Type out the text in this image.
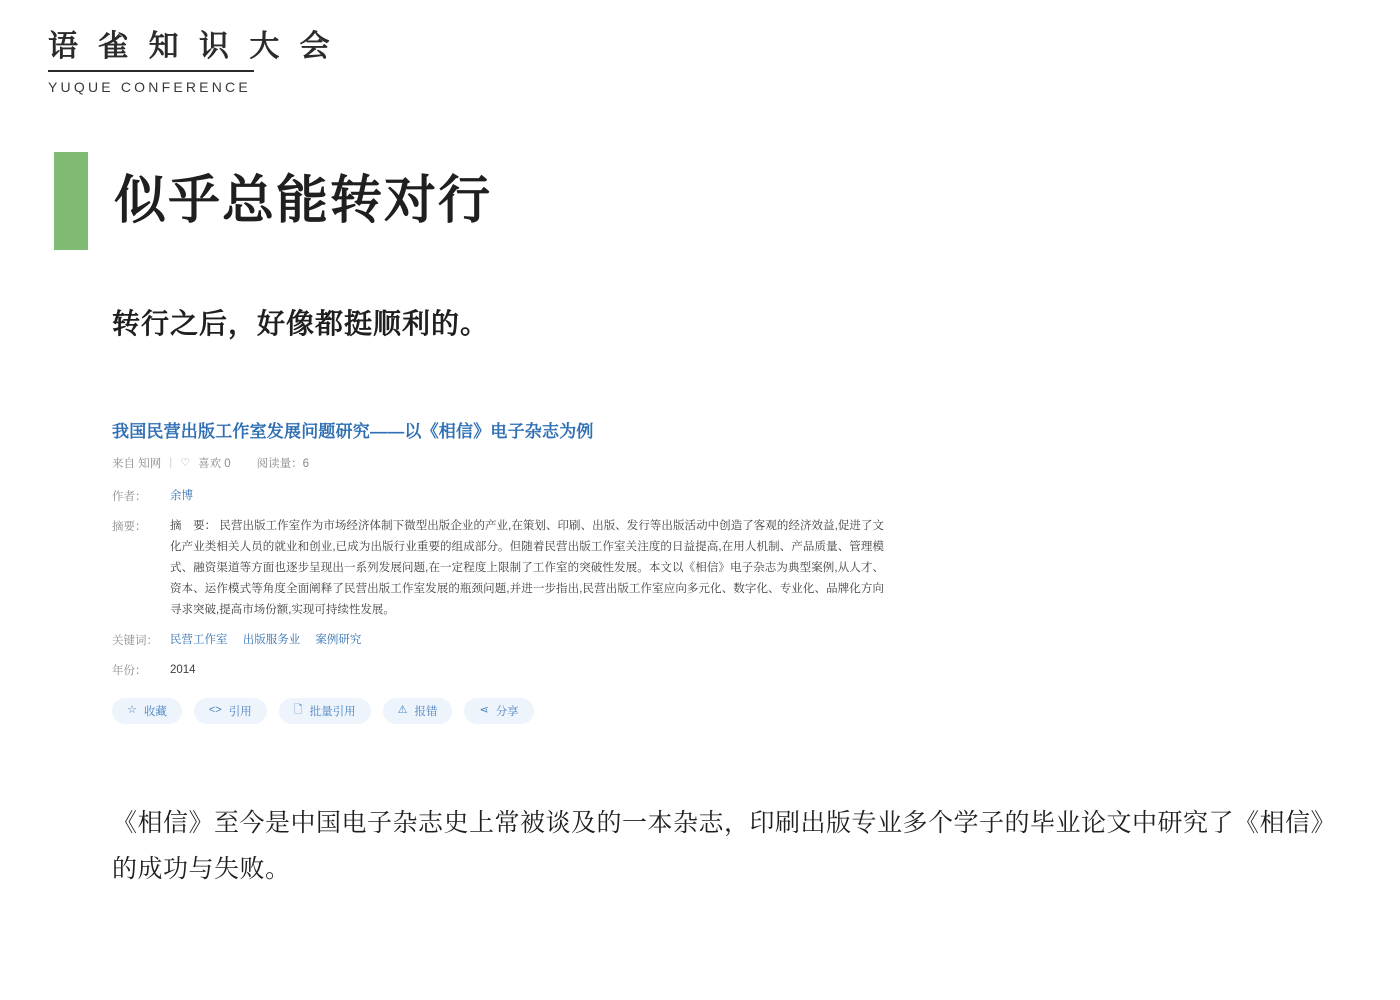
语 雀 知 识 大 会
YUQUE CONFERENCE
似乎总能转对行
转行之后，好像都挺顺利的。
我国民营出版工作室发展问题研究——以《相信》电子杂志为例
来自 知网 | ♡ 喜欢 0 阅读量：6
作者：	余博
摘要：	摘　要： 民营出版工作室作为市场经济体制下微型出版企业的产业,在策划、印刷、出版、发行等出版活动中创造了客观的经济效益,促进了文化产业类相关人员的就业和创业,已成为出版行业重要的组成部分。但随着民营出版工作室关注度的日益提高,在用人机制、产品质量、管理模式、融资渠道等方面也逐步呈现出一系列发展问题,在一定程度上限制了工作室的突破性发展。本文以《相信》电子杂志为典型案例,从人才、资本、运作模式等角度全面阐释了民营出版工作室发展的瓶颈问题,并进一步指出,民营出版工作室应向多元化、数字化、专业化、品牌化方向寻求突破,提高市场份额,实现可持续性发展。
关键词：	民营工作室 出版服务业 案例研究
年份：	2014
☆ 收藏	<> 引用	🗋 批量引用	⚠ 报错	⋖ 分享
《相信》至今是中国电子杂志史上常被谈及的一本杂志，印刷出版专业多个学子的毕业论文中研究了《相信》的成功与失败。
